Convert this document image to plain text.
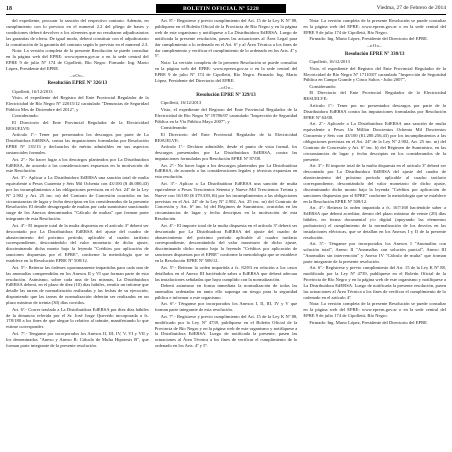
18	BOLETIN OFICIAL Nº 5228	Viedma, 27 de Febrero de 2014

del expediente, procurar la sanción del respectivo contrato. Además, en cumplimiento con lo previsto en el numeral 2.2 del pliego de bases y condiciones deberá devolver a los oferentes que no resultaron adjudicatarios las garantías de oferta. De igual modo, deberá constituir con el adjudicatario la constitución de la garantía del contrato según lo previsto en el numeral 2.3.

Nota: La versión completa de la presente Resolución se puede consultar en la página web del EPRE: www.eprern.gov.ar o en la sede central del EPRE 9 de julio Nº 174 de Cipolletti, Río Negro. Firmado: Ing. Mario López, Presidente del EPRE.

–oOo–

Resolución EPRE Nº 326/13

Cipolletti, 16/12/2013

Visto, el expediente del Registro del Ente Provincial Regulador de la Electricidad de Río Negro Nº 22015/12 caratulado "Denuncias de Seguridad Pública Mes de Diciembre del 2012", y

Considerando:

El Directorio del Ente Provincial Regulador de la Electricidad RESUELVE:

Artículo 1º.- Tener por presentados los descargos por parte de La Distribuidora EdERSA, contra las imputaciones formuladas por Resolución EPRE Nº 135/13 y declararlos de mérito admisibles en sus aspectos sustanciales formales.

Art. 2º.- No hacer lugar a los descargos planteados por La Distribuidora EdERSA, de acuerdo a las consideraciones expuestas en la motivación de este Resolución.

Art. 3º.- Aplicar a La Distribuidora EdERSA una sanción total de multa equivalente a Pesos Cuarenta y Seis Mil Ochenta con 43/100 ($ 46.080,43) por los incumplimientos a las obligaciones previstas en el Art. 24º de la Ley Nº 2.902 y Art. 25 inc. m) del Contrato de Concesión ocurridos en las circunstancias de lugar y fecha descriptas en los considerandos de la presente Resolución. El detalle desagregado de multas por cada suministro sancionado surge de los Anexos denominados "Cálculo de multas" que forman parte integrante de esta Resolución.

Art. 4º.- El importe total de la multa dispuesta en el artículo 3º deberá ser descontado por La Distribuidora EdERSA del ajuste del cuadro de abastecimiento del próximo período, aplicable al cuadro tarifario correspondiente, descontándolo del valor monetario de dicho ajuste, discriminando dicha monto bajo la leyenda "Créditos por aplicación de sanciones dispuestas por el EPRE", conforme la metodología que se establece en la Resolución EPRE Nº 508/12.

Art. 5º.- Reiterar las órdenes oportunamente impartidas para cada una de las anomalías comprendidas en los Anexos II y VI que forman parte de esta resolución. Asimismo, sobre cada una de las mismas, La Distribuidora EdERSA deberá, en el plazo de diez (10) días hábiles, remitir un informe que detalle las tareas de normalización realizadas y las fechas de su ejecución, disponiendo que las tareas de normalización deberán ser realizadas en un plazo máximo de treinta (30) días corridos.

Art. 6º.- Correr traslado a La Distribuidora EdERSA por diez días hábiles de la denuncia referida por el Sr. José Jorge Quevedo incorporada a fs. 178/180 a los fines de que alegue lo relativo al trámite, manifestando lo que estime corresponder.

Art. 7º.- Tenganse por incorporados los Anexos II, III, IV, V, VI y VII y los denominados "Anexo y Anexo B: Cálculo de Multa Hipotesis B", que forman parte integrante de la presente resolución.

Art. 8º.- Registrese y previo cumplimiento del Art. 15 de la Ley K Nº 88, publíquese en el Boletín Oficial de la Provincia de Río Negro y en la página web de este organismo y notifíquese a La Distribuidora EdERSA. Luego de notificada la presente resolución, pasen las actuaciones al Área Legal para dar cumplimiento a lo ordenado en el Art. 6º y al Área Técnica a los fines de dar cumplimiento y verificar el cumplimiento de lo ordenado en los Arts. 4º y 5º.

Nota: La versión completa de la presente Resolución se puede consultar en la página web del EPRE: www.eprern.gov.ar o en la sede central del EPRE 9 de julio Nº 174 de Cipolletti, Río Negro. Firmado: Ing. Mario López, Presidente del Directorio del EPRE.

–oOo–

Resolución EPRE Nº 329/13

Cipolletti, 16/12/2013

Visto, el expediente del Registro del Ente Provincial Regulador de la Electricidad de Río Negro Nº 19786/07 caratulado "Inspección de Seguridad Pública en la Vía Pública Mayo 2007", y

Considerando:

El Directorio del Ente Provincial Regulador de la Electricidad RESUELVE:

Artículo 1º.- Declarar admisible, desde el punto de vista formal, los descargos presentados por La Distribuidora EdERSA, contra las imputaciones formuladas por Resolución EPRE Nº 87/08.

Art. 2º.- No hacer lugar a los descargos planteados por La Distribuidora EdERSA, de acuerdo a las consideraciones legales y técnicas expuestas en esta resolución.

Art. 3º.- Aplicar a La Distribuidora EdERSA una sanción de multa equivalente a Pesos Trescientos Setenta y Nueve Mil Trescientos Treinta y Nueve con 16/100 ($ 379.339,16) por los incumplimientos a las obligaciones previstas en el Art. 24º de la Ley Nº 2.902, Art. 25 inc. m) del Contrato de Concesión y Art. 6º inc. b) del Régimen de Suministro, ocurridas en las circunstancias de lugar y fecha descriptas en la motivación de esta Resolución.

Art. 4º.- El importe total de la multa dispuesta en el artículo 3º deberá ser descontado por La Distribuidora EdERSA del ajuste del cuadro de abastecimiento del próximo período aplicable al cuadro tarifario correspondiente, descontándolo del valor monetario de dicho ajuste, discriminando dicho monto bajo la leyenda "Créditos por aplicación de sanciones dispuestas por el EPRE" conforme la metodología que se establece en la Resolución EPRE Nº 508/12.

Art. 5º.- Reiterar la orden impartida a fs. 82/83 en relación a los casos detallados en el Anexo III haciéndole saber a EdERSA que deberá adecuar las instalaciones señaladas que haya cumplido con la normalización.

Deberá asimismo en forma inmediata la normalización de todas las anomalías ordenadas en tanto ello suponga un riesgo para la seguridad pública e informar a este organismo.

Art. 6º.- Ténganse por incorporados los Anexos I, II, III, IV y V que forman parte integrante de esta resolución.

Art. 7º.- Regístrese y previo cumplimiento del Art. 15 de la Ley K Nº 88, modificado por la Ley Nº 4739, publíquese en el Boletín Oficial de la Provincia de Río Negro y en la página web de este organismo y notifíquese a la Distribuidora EdERSA. Luego de notificada la presente, pasen las actuaciones al Área Técnica a los fines de verificar el cumplimiento de lo ordenado en los Arts. 4º y 5º.

Nota: La versión completa de la presente Resolución se puede consultar en la página web del EPRE: www.eprern.gov.ar o en la sede central del EPRE 9 de julio 174 de Cipolletti, Río Negro.

Firmado: Ing. Mario López, Presidente del Directorio del EPRE.

–oOo–

Resolución EPRE Nº 330/13

Cipolletti, 16/12/2013

Visto, el expediente del Registro del Ente Provincial Regulador de la Electricidad de Río Negro Nº 17110/07 caratulado "Inspección de Seguridad Pública en Campo Grande y Cinco Saltos - Julio 2007",

Considerando:

El Directorio del Ente Provincial Regulador de la Electricidad RESUELVE:

Artículo 1º.- Tener por no presentados descargos por parte de la Distribuidora EdERSA contra las imputaciones formuladas por Resolución EPRE Nº 63/08.

Art. 2º.- Aplicarle a La Distribuidora EdERSA una sanción de multa equivalente a Pesos Un Millón Doscientos Ochenta Mil Doscientos Cincuenta y Seis con 43/100 ($1.280.256,43) por los incumplimientos a las obligaciones previstas en el Art. 24º de la Ley Nº 2.902, Art. 25 inc. m) del Contrato de Concesión y Art. 6º inc. b) del Régimen de Suministro, en las circunstancias de lugar y fecha descriptas en los considerandos de la presente.

Art. 3º.- El importe total de la multa dispuesta en el artículo 3º deberá ser descontado por La Distribuidora EdERSA del ajuste del cuadro de abastecimiento del próximo período aplicable al cuadro tarifario correspondiente, descontándolo del valor monetario de dicho ajuste, discriminando dicho monto bajo la leyenda "Créditos por aplicación de sanciones dispuestas por el EPRE" conforme la metodología que se establece en la Resolución EPRE Nº 508/12.

Art. 4º.- Reiterar la orden impartida a fs. 167/168 haciéndole saber a EdERSA que deberá acreditar, dentro del plazo máximo de veinte (20) días hábiles, en forma documental y/o digital (apoyando las elementos probatorios) el cumplimiento de la normalización de los desvíos en las instalaciones eléctricas, que se detallan en los Anexos I y II de la presente resolución.

Art. 5º.- Ténganse por incorporados los Anexos I "Anomalías con solución total", Anexo II "Anomalías con solución parcial", Anexo III "Anomalías sin intervención" y Anexo IV "Cálculo de multa" que forman parte integrante de la presente resolución.

Art. 6º.- Regístrese y previo cumplimiento del Art. 15 de la Ley K Nº 88, modificado por la Ley Nº 4739, publíquese en el Boletín Oficial de la Provincia de Río Negro y en la página web de este organismo y notifíquese a La Distribuidora EdERSA. Luego de notificada la presente resolución, pasen las actuaciones al Área Técnica a los fines de verificar el cumplimiento de lo ordenado en el artículo 4º.

Nota: La versión completa de la presente Resolución se puede consultar en la página web del EPRE: www.eprern.gov.ar o en la sede central del EPRE 9 de julio 174 de Cipolletti, Río Negro.

Firmado: Ing. Mario López, Presidente del Directorio del EPRE.
